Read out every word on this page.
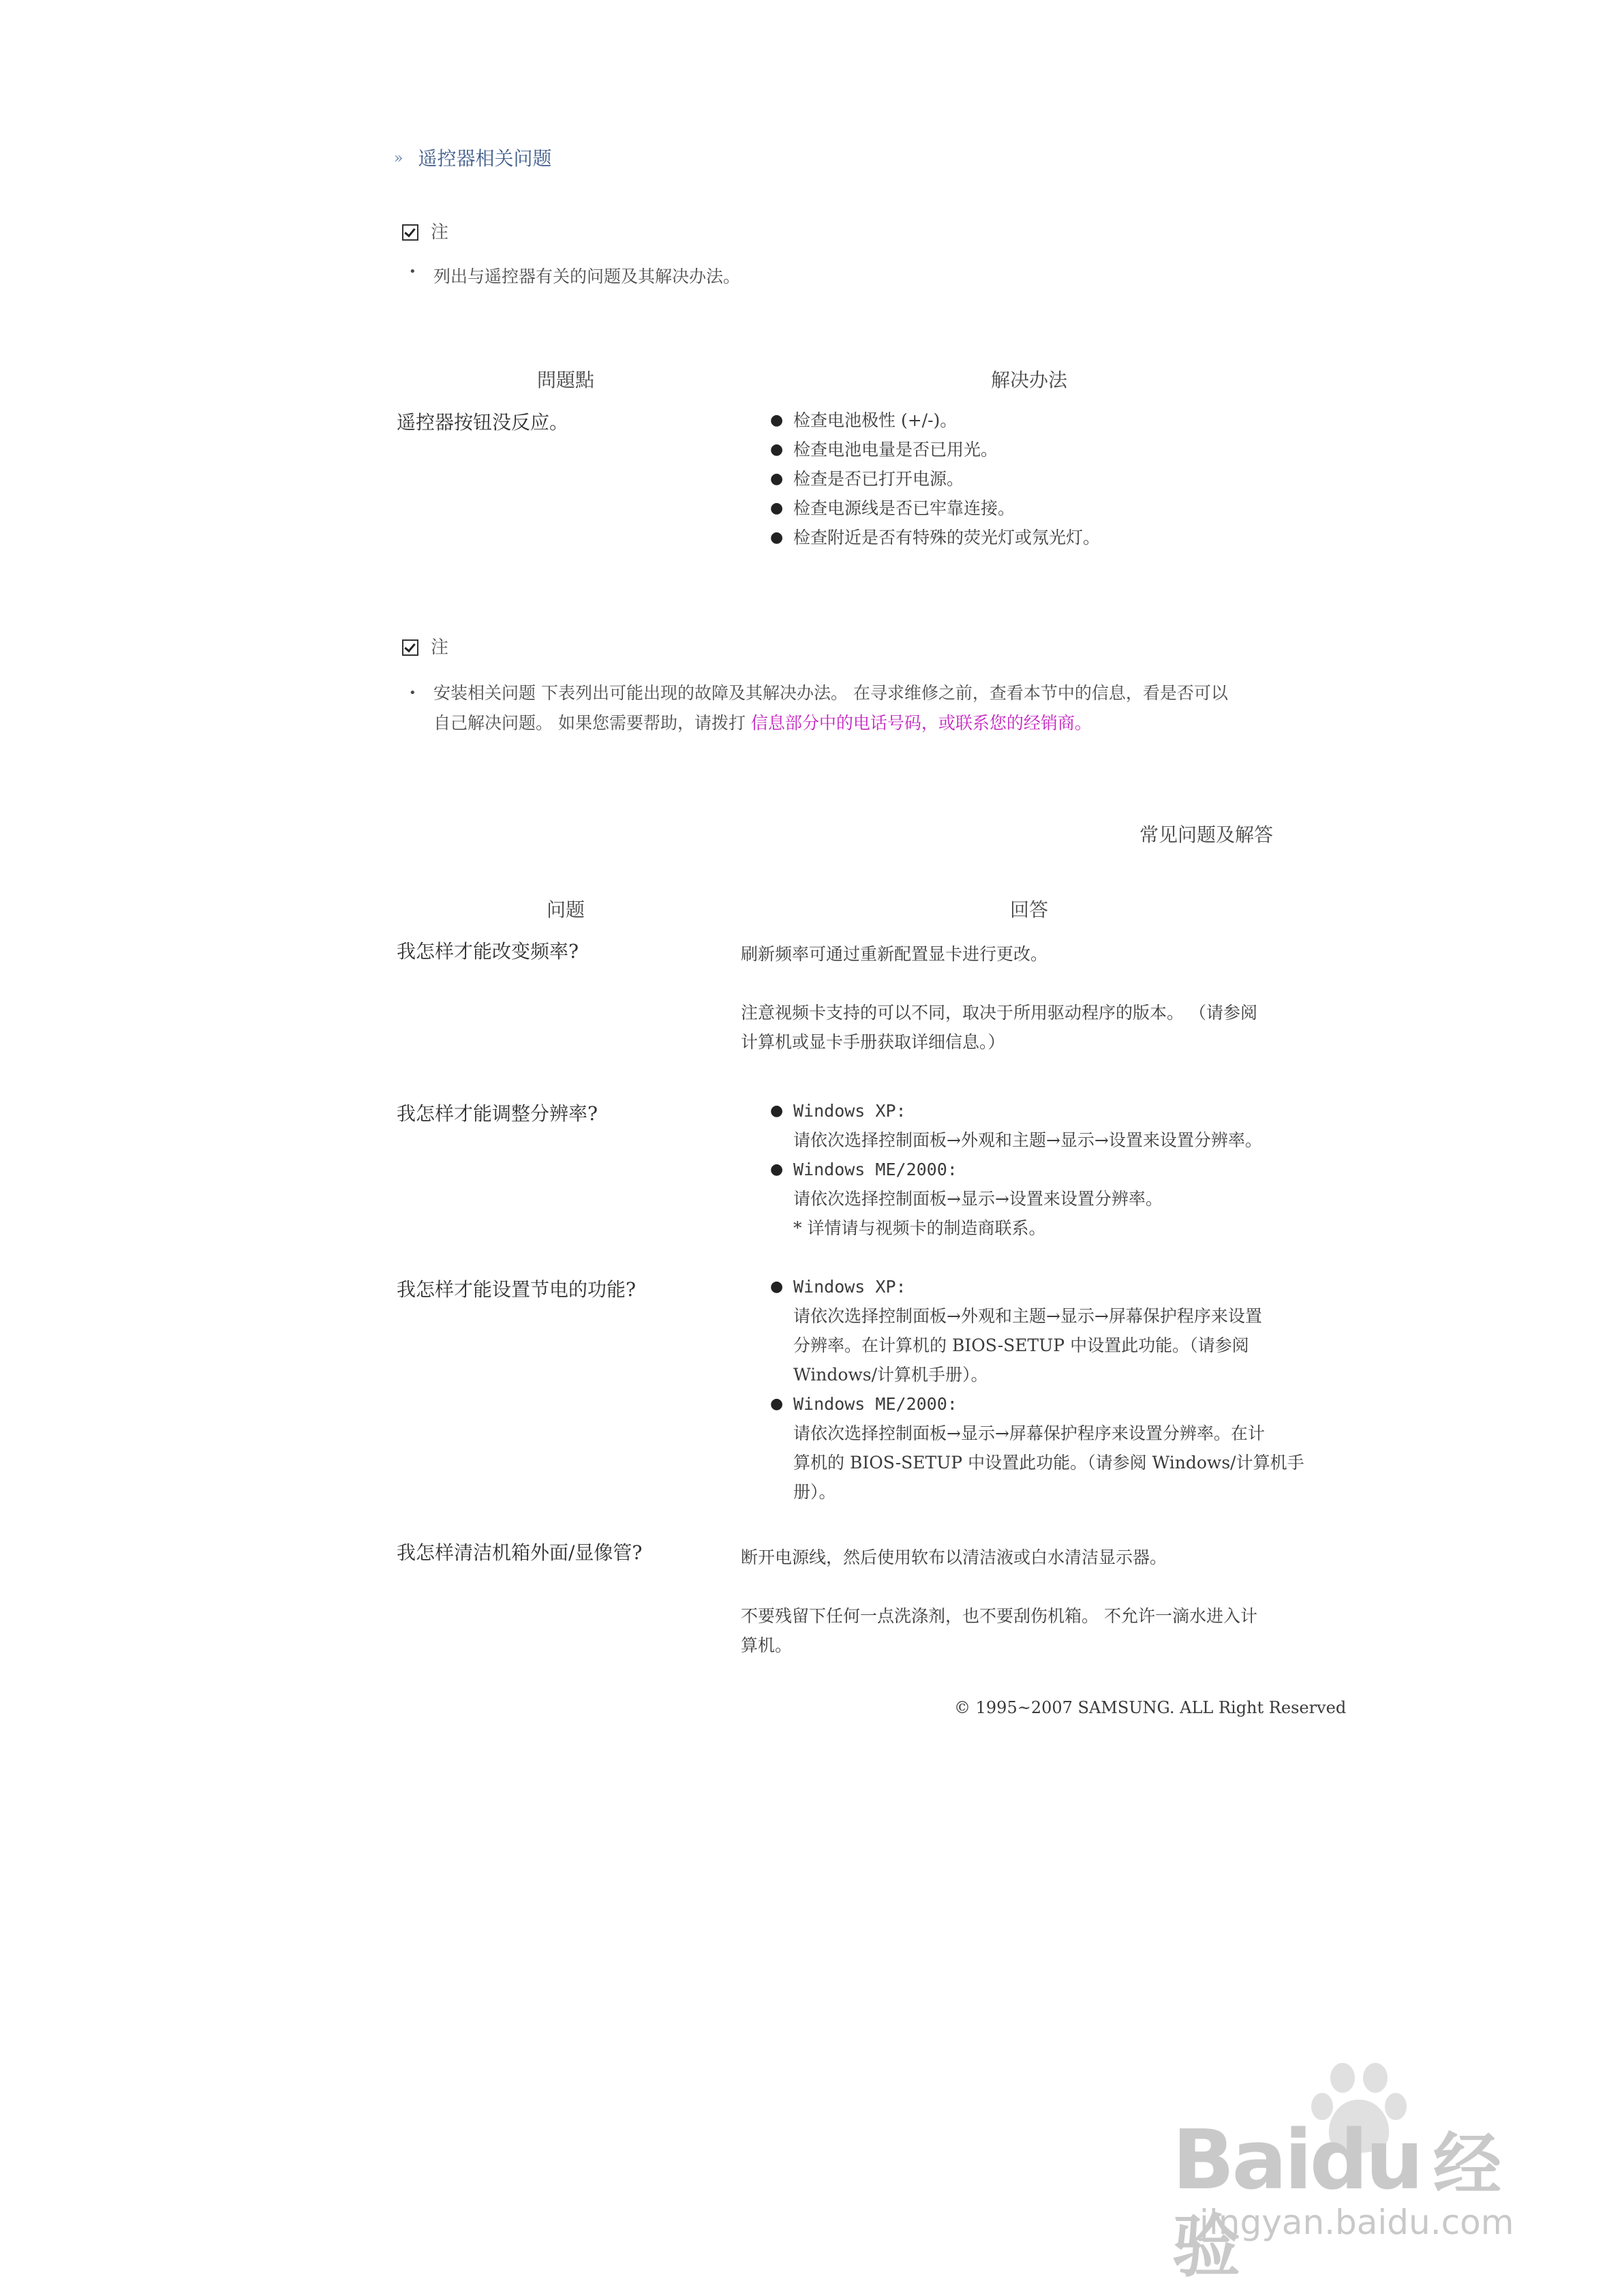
» 遥控器相关问题
注
•	列出与遥控器有关的问题及其解决办法。
問題點	解决办法
遥控器按钮没反应。	● 检查电池极性 (+/-)。
● 检查电池电量是否已用光。
● 检查是否已打开电源。
● 检查电源线是否已牢靠连接。
● 检查附近是否有特殊的荧光灯或氖光灯。
注
•	安装相关问题 下表列出可能出现的故障及其解决办法。 在寻求维修之前，查看本节中的信息，看是否可以
自己解决问题。 如果您需要帮助，请拨打 信息部分中的电话号码，或联系您的经销商。
常见问题及解答
问题	回答
我怎样才能改变频率?	刷新频率可通过重新配置显卡进行更改。
注意视频卡支持的可以不同，取决于所用驱动程序的版本。 （请参阅
计算机或显卡手册获取详细信息。）
我怎样才能调整分辨率?	● Windows XP:
请依次选择控制面板→外观和主题→显示→设置来设置分辨率。
● Windows ME/2000:
请依次选择控制面板→显示→设置来设置分辨率。
* 详情请与视频卡的制造商联系。
我怎样才能设置节电的功能?	● Windows XP:
请依次选择控制面板→外观和主题→显示→屏幕保护程序来设置
分辨率。在计算机的 BIOS-SETUP 中设置此功能。（请参阅
Windows/计算机手册）。
● Windows ME/2000:
请依次选择控制面板→显示→屏幕保护程序来设置分辨率。在计
算机的 BIOS-SETUP 中设置此功能。（请参阅 Windows/计算机手
册）。
我怎样清洁机箱外面/显像管?	断开电源线，然后使用软布以清洁液或白水清洁显示器。
不要残留下任何一点洗涤剂，也不要刮伤机箱。 不允许一滴水进入计
算机。
© 1995~2007 SAMSUNG. ALL Right Reserved
Baidu 经验
jingyan.baidu.com
